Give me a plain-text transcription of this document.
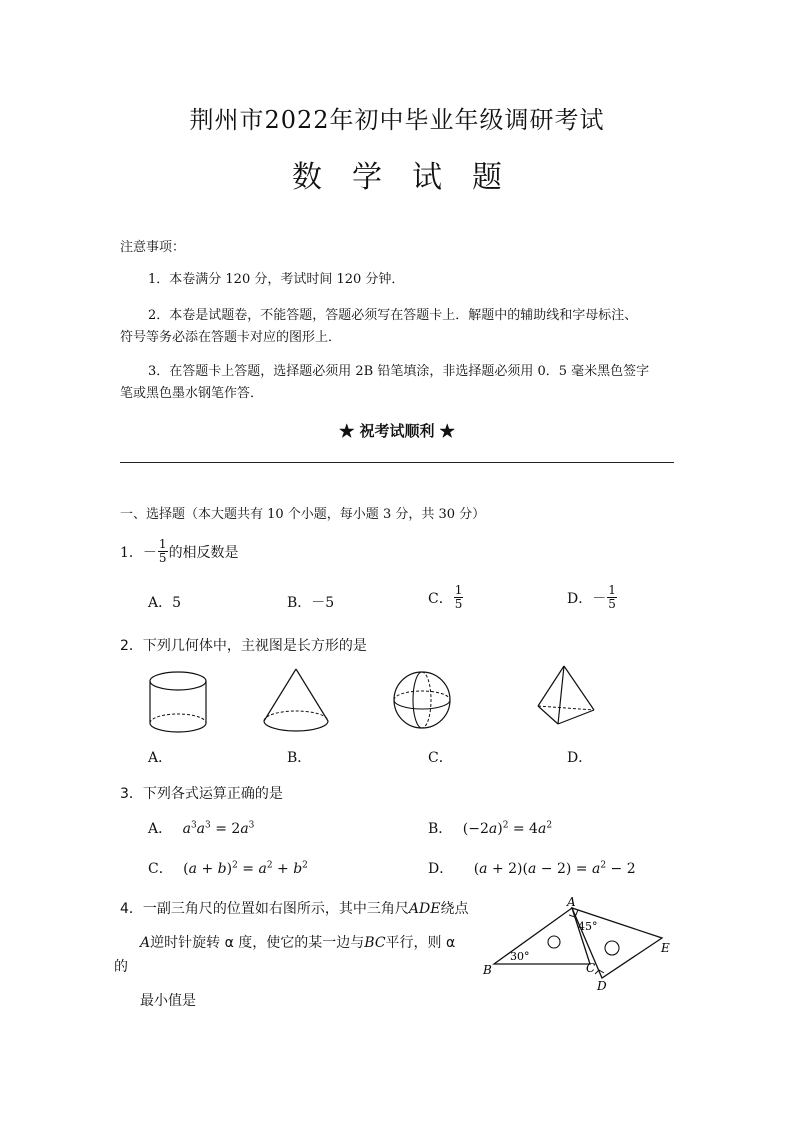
荆州市2022年初中毕业年级调研考试
数学试题
注意事项：
1．本卷满分 120 分，考试时间 120 分钟．
2．本卷是试题卷，不能答题，答题必须写在答题卡上．解题中的辅助线和字母标注、
符号等务必添在答题卡对应的图形上．
3．在答题卡上答题，选择题必须用 2B 铅笔填涂，非选择题必须用 0．5 毫米黑色签字
笔或黑色墨水钢笔作答．
★ 祝考试顺利 ★
一、选择题（本大题共有 10 个小题，每小题 3 分，共 30 分）
1． － $\frac{1}{5}$ 的相反数是
A．5	B．－5	C． $\frac{1}{5}$	D．－ $\frac{1}{5}$
2．下列几何体中，主视图是长方形的是
A．	B．	C．	D．
3．下列各式运算正确的是
A． $a^3a^3 = 2a^3$	B． $(-2a)^2 = 4a^2$
C． $(a + b)^2 = a^2 + b^2$	D． $(a + 2)(a - 2) = a^2 - 2$
4．一副三角尺的位置如右图所示，其中三角尺ADE绕点
A逆时针旋转 α 度，使它的某一边与BC平行，则 α
的
最小值是
A
B	C
D
E
30°
45°
